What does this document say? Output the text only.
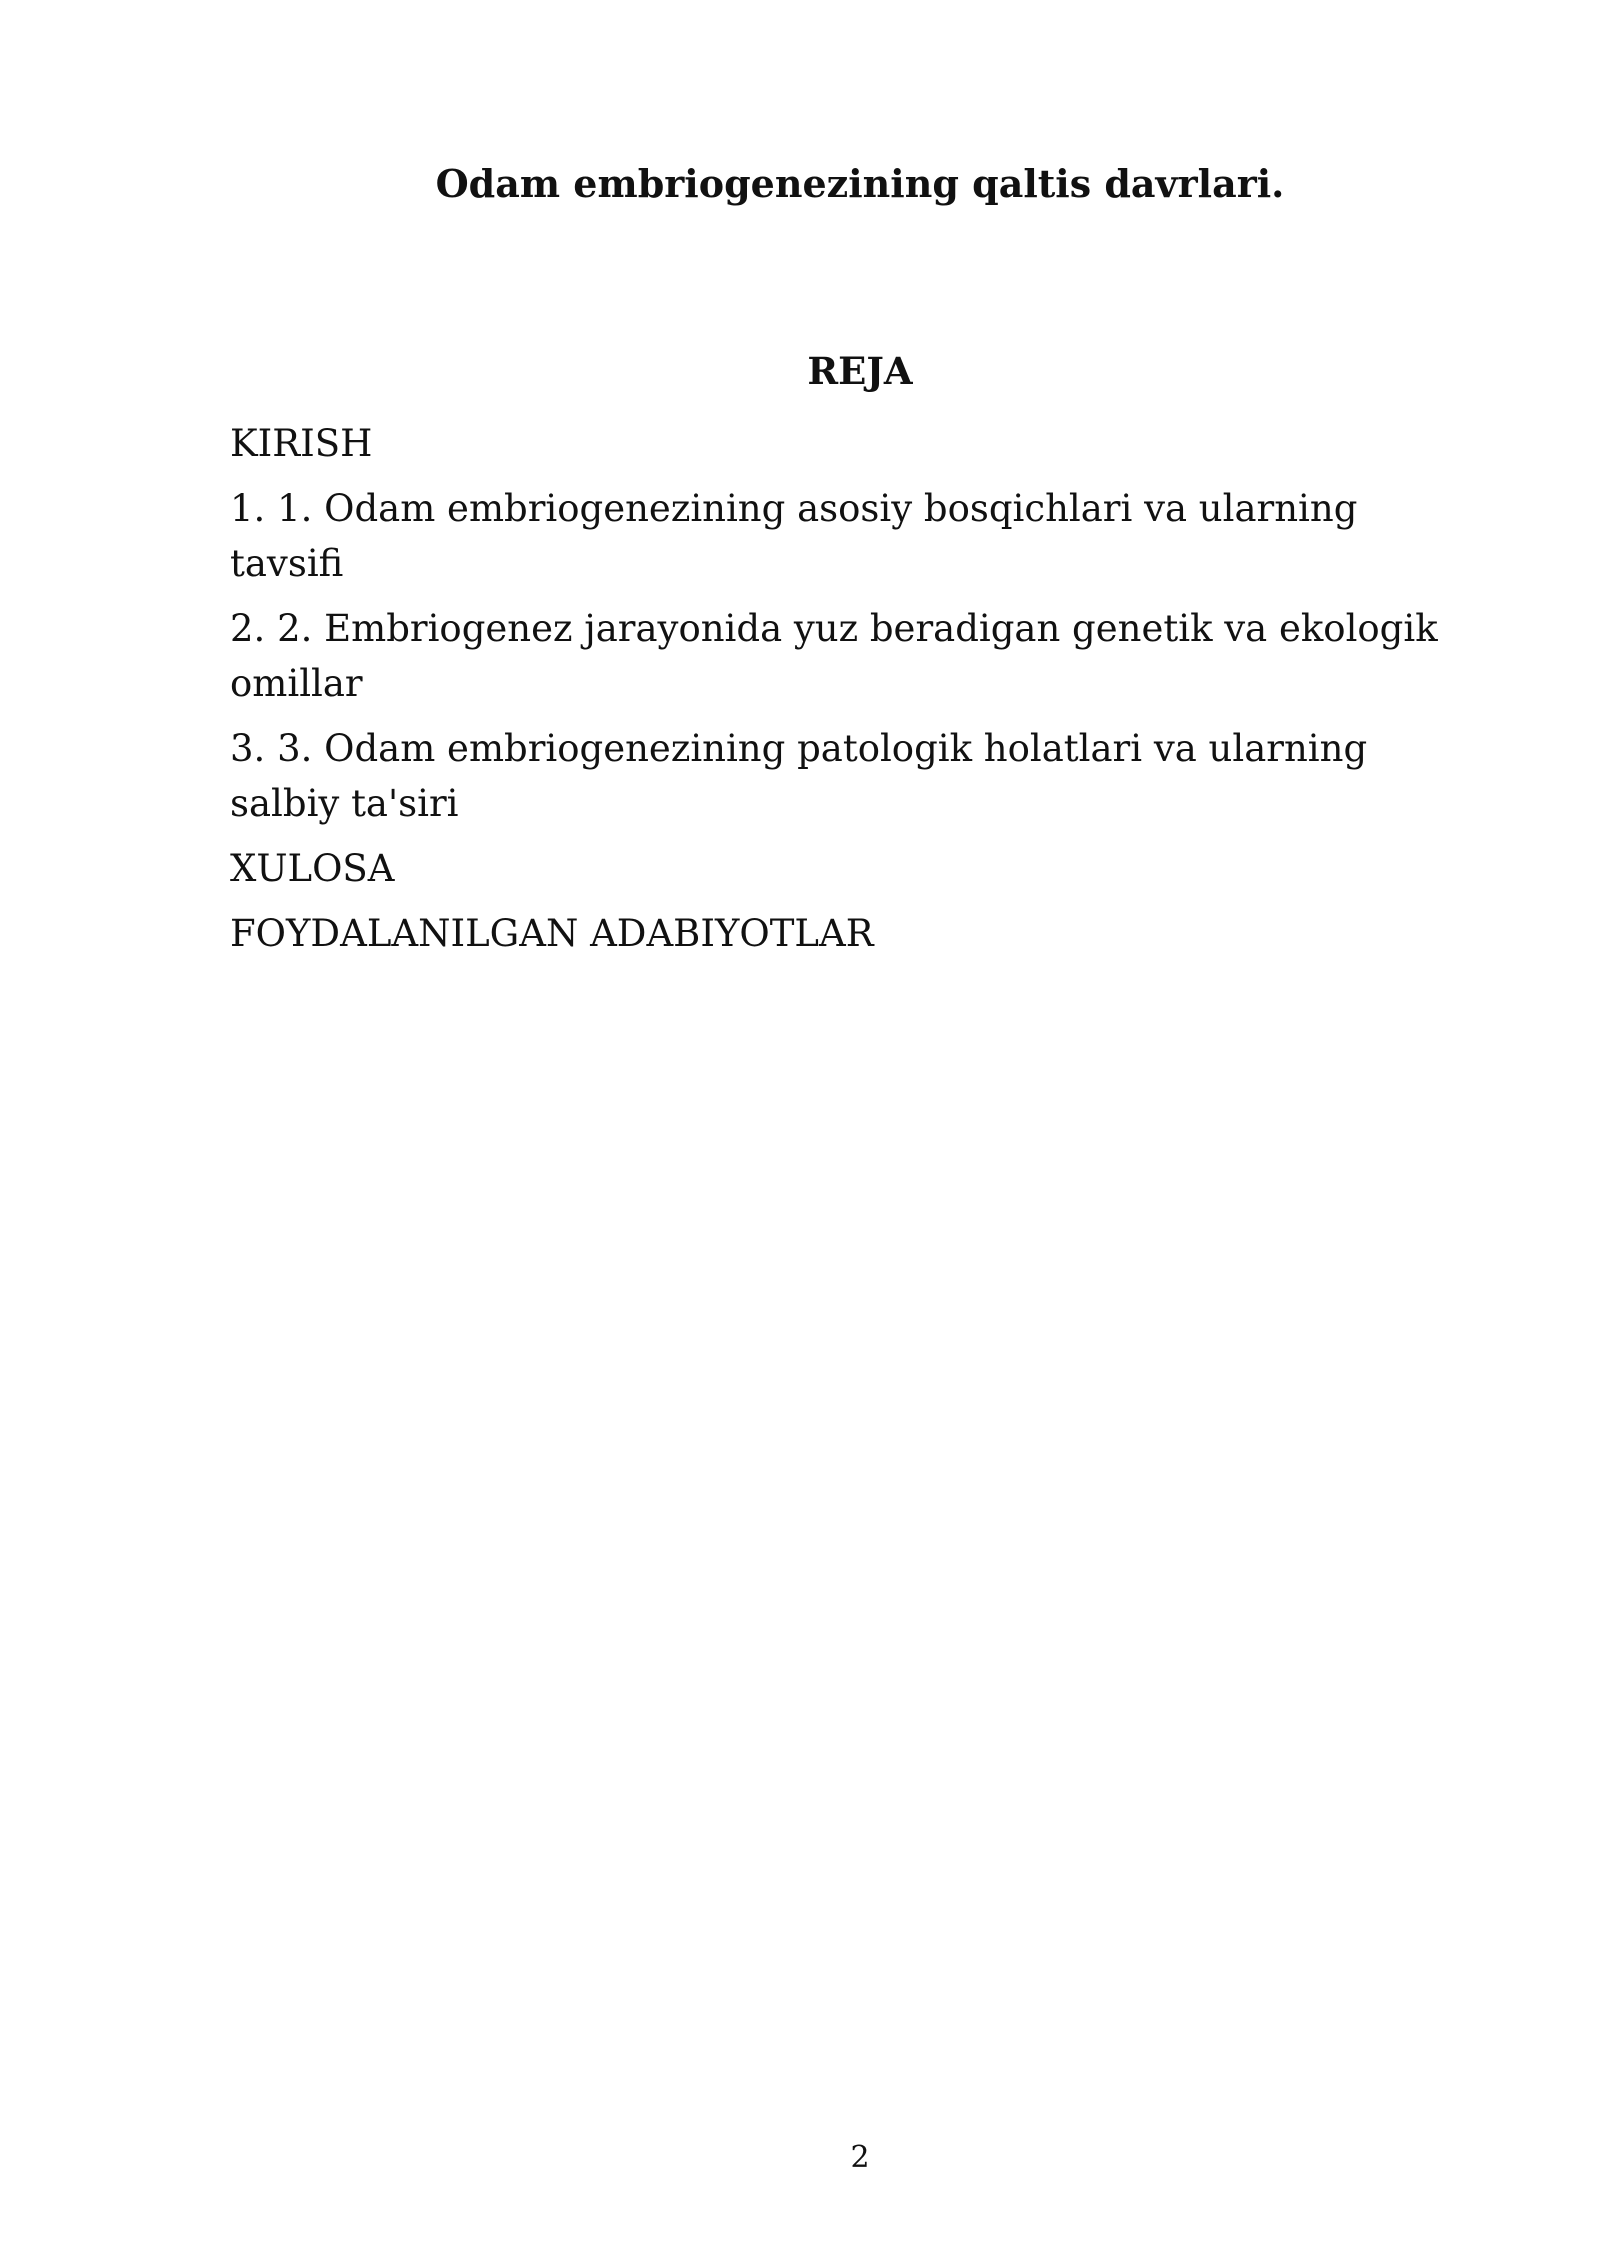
Odam embriogenezining qaltis davrlari.
REJA
KIRISH
1. 1. Odam embriogenezining asosiy bosqichlari va ularning tavsifi
2. 2. Embriogenez jarayonida yuz beradigan genetik va ekologik omillar
3. 3. Odam embriogenezining patologik holatlari va ularning salbiy ta'siri
XULOSA
FOYDALANILGAN ADABIYOTLAR
2
